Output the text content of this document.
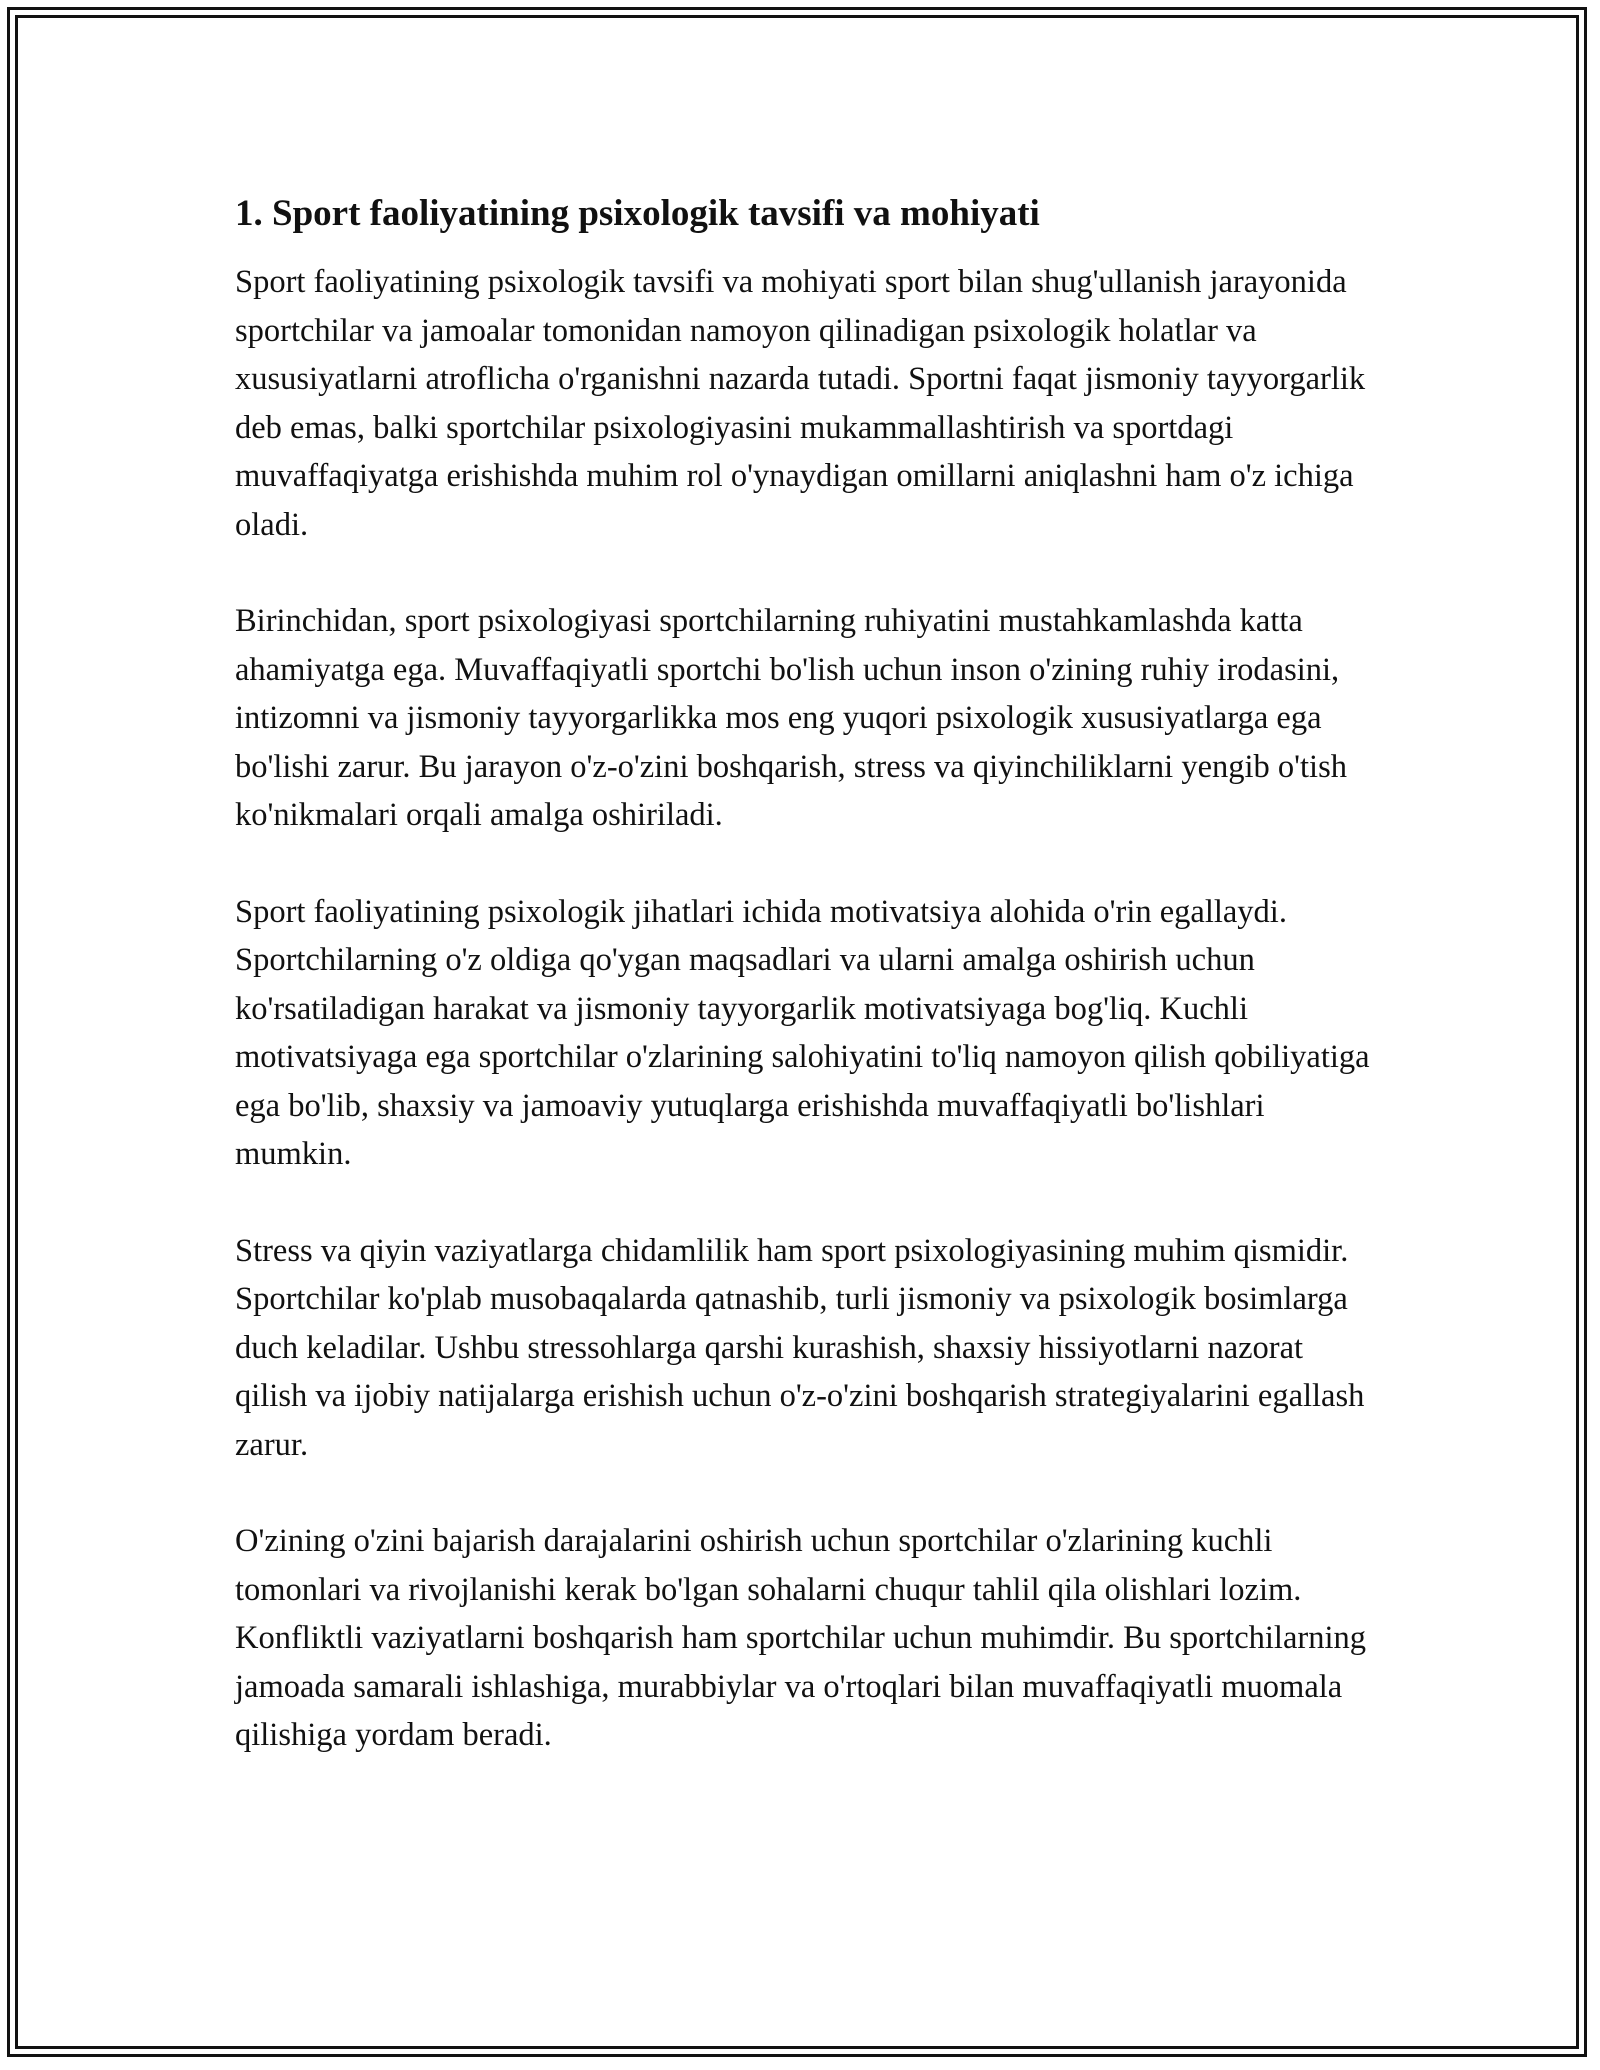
1. Sport faoliyatining psixologik tavsifi va mohiyati

Sport faoliyatining psixologik tavsifi va mohiyati sport bilan shug'ullanish jarayonida sportchilar va jamoalar tomonidan namoyon qilinadigan psixologik holatlar va xususiyatlarni atroflicha o'rganishni nazarda tutadi. Sportni faqat jismoniy tayyorgarlik deb emas, balki sportchilar psixologiyasini mukammallashtirish va sportdagi muvaffaqiyatga erishishda muhim rol o'ynaydigan omillarni aniqlashni ham o'z ichiga oladi.

Birinchidan, sport psixologiyasi sportchilarning ruhiyatini mustahkamlashda katta ahamiyatga ega. Muvaffaqiyatli sportchi bo'lish uchun inson o'zining ruhiy irodasini, intizomni va jismoniy tayyorgarlikka mos eng yuqori psixologik xususiyatlarga ega bo'lishi zarur. Bu jarayon o'z-o'zini boshqarish, stress va qiyinchiliklarni yengib o'tish ko'nikmalari orqali amalga oshiriladi.

Sport faoliyatining psixologik jihatlari ichida motivatsiya alohida o'rin egallaydi. Sportchilarning o'z oldiga qo'ygan maqsadlari va ularni amalga oshirish uchun ko'rsatiladigan harakat va jismoniy tayyorgarlik motivatsiyaga bog'liq. Kuchli motivatsiyaga ega sportchilar o'zlarining salohiyatini to'liq namoyon qilish qobiliyatiga ega bo'lib, shaxsiy va jamoaviy yutuqlarga erishishda muvaffaqiyatli bo'lishlari mumkin.

Stress va qiyin vaziyatlarga chidamlilik ham sport psixologiyasining muhim qismidir. Sportchilar ko'plab musobaqalarda qatnashib, turli jismoniy va psixologik bosimlarga duch keladilar. Ushbu stressohlarga qarshi kurashish, shaxsiy hissiyotlarni nazorat qilish va ijobiy natijalarga erishish uchun o'z-o'zini boshqarish strategiyalarini egallash zarur.

O'zining o'zini bajarish darajalarini oshirish uchun sportchilar o'zlarining kuchli tomonlari va rivojlanishi kerak bo'lgan sohalarni chuqur tahlil qila olishlari lozim. Konfliktli vaziyatlarni boshqarish ham sportchilar uchun muhimdir. Bu sportchilarning jamoada samarali ishlashiga, murabbiylar va o'rtoqlari bilan muvaffaqiyatli muomala qilishiga yordam beradi.
